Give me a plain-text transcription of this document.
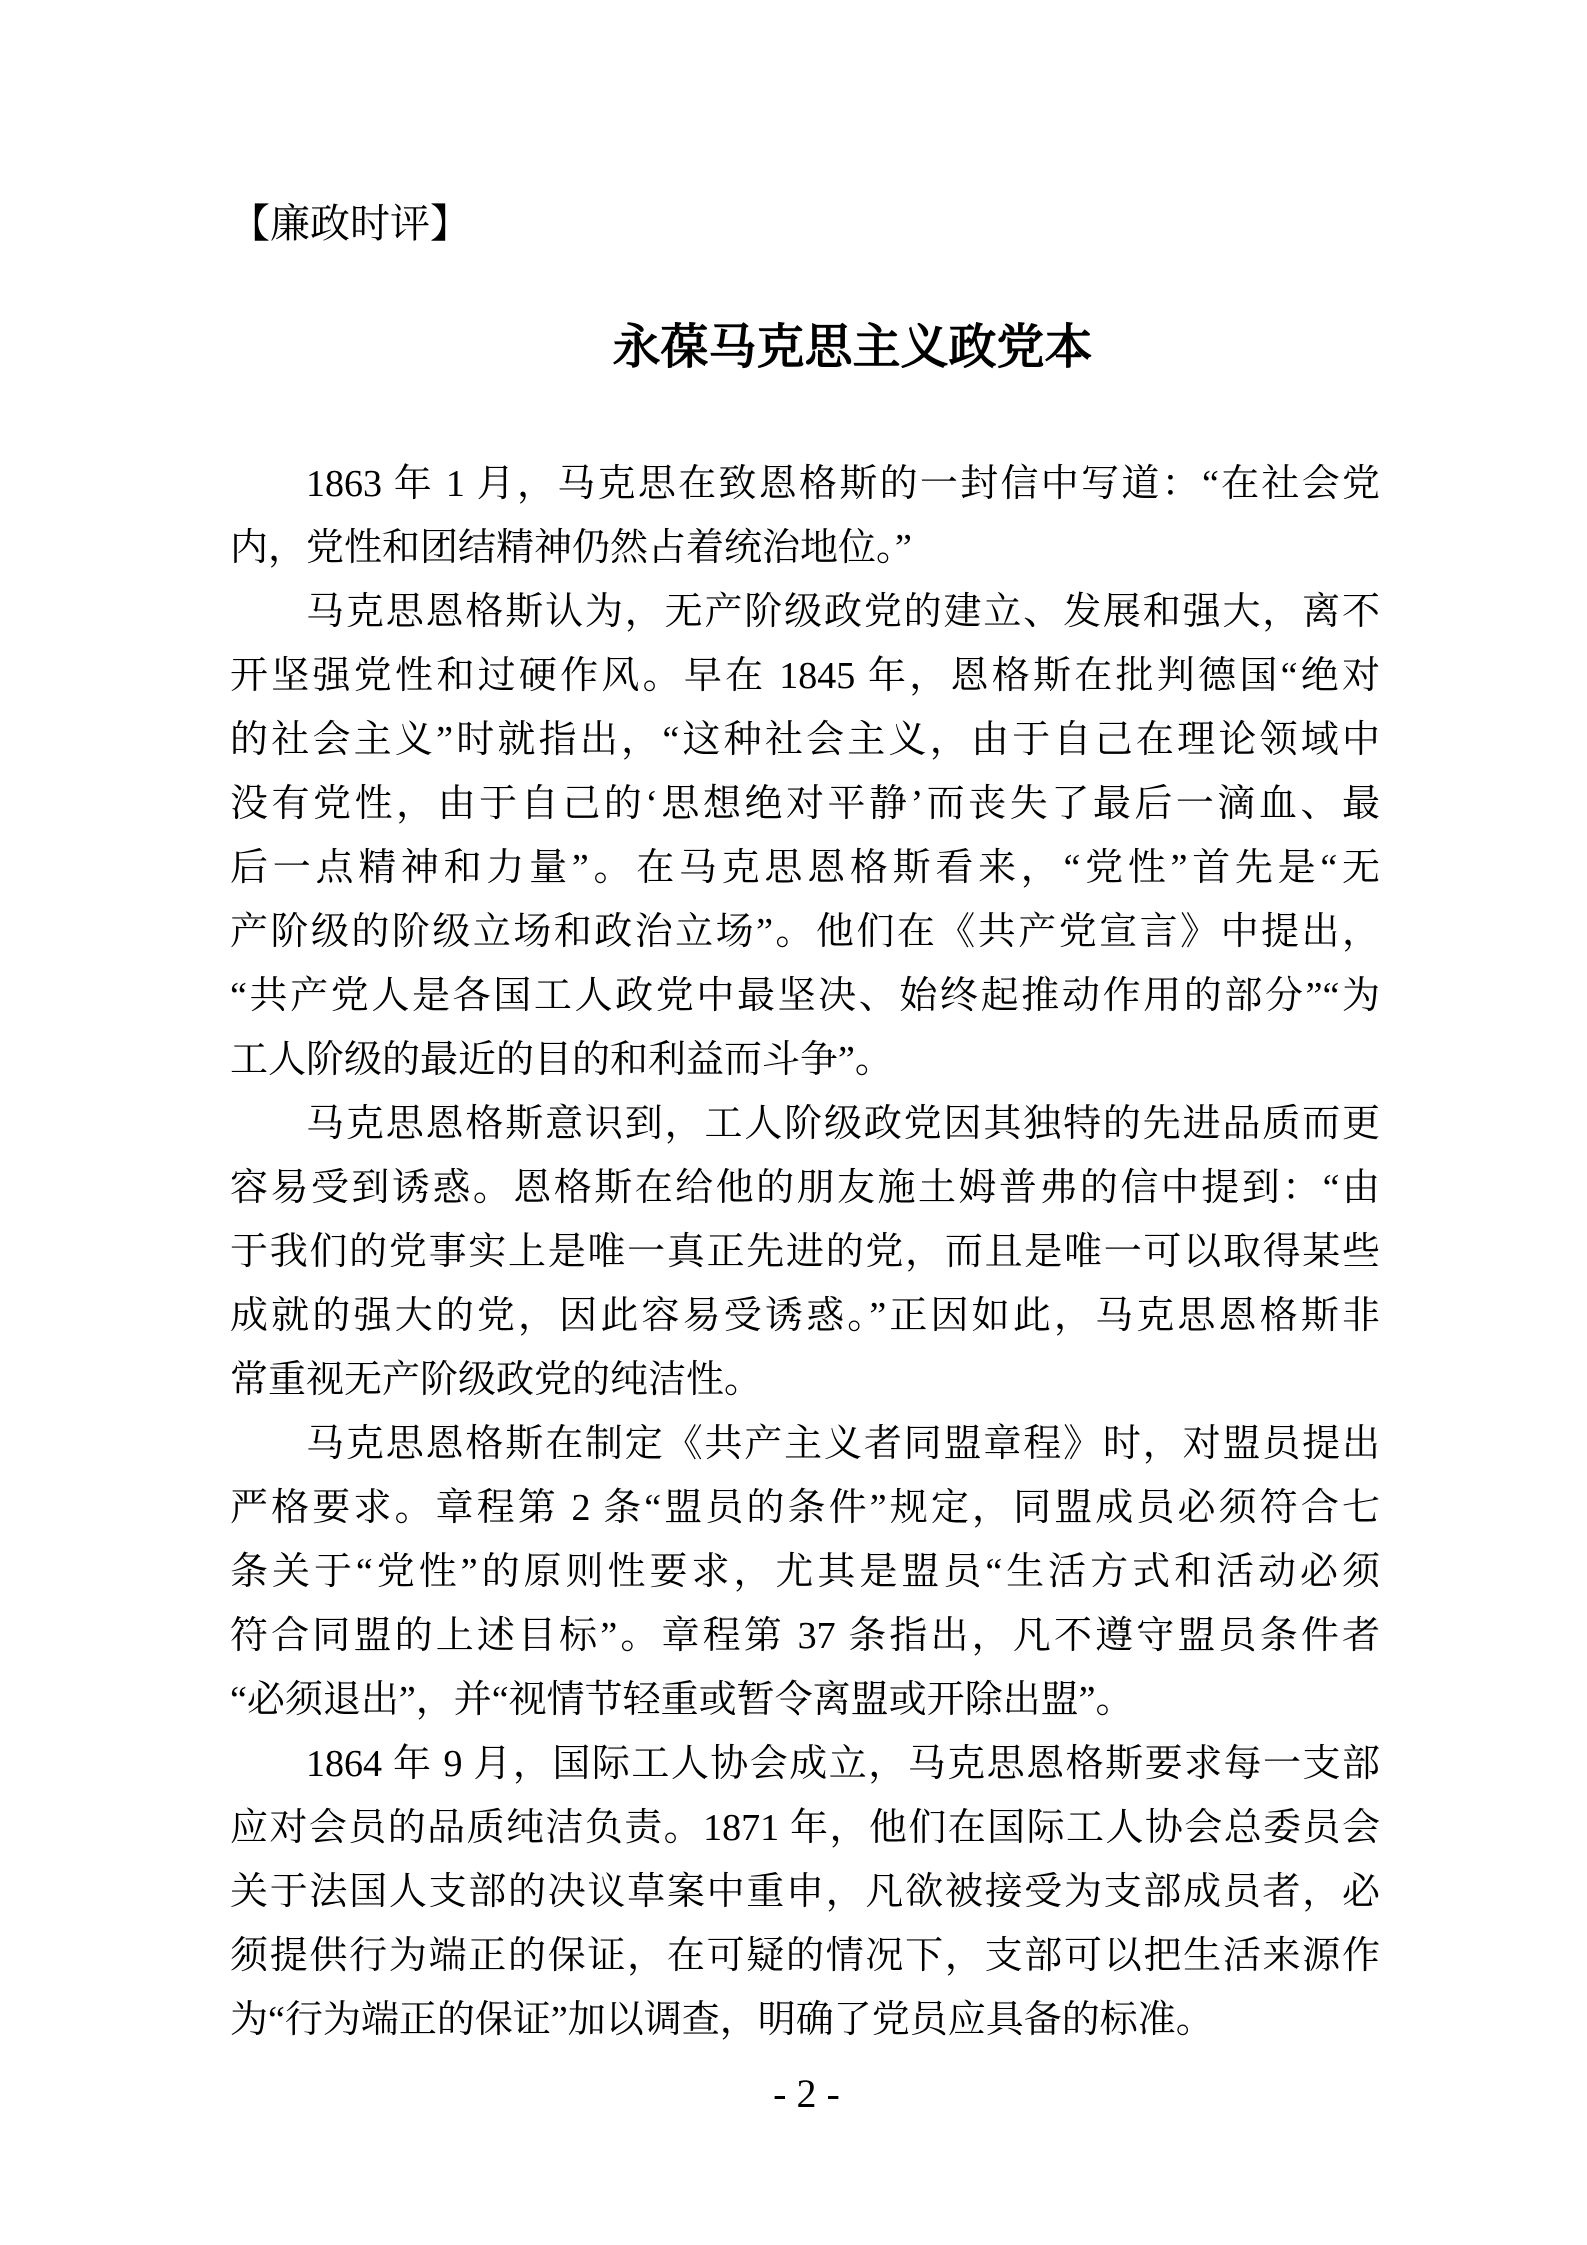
【廉政时评】
永葆马克思主义政党本
1863 年 1 月，马克思在致恩格斯的一封信中写道：“在社会党
内，党性和团结精神仍然占着统治地位。”
马克思恩格斯认为，无产阶级政党的建立、发展和强大，离不
开坚强党性和过硬作风。早在 1845 年，恩格斯在批判德国“绝对
的社会主义”时就指出，“这种社会主义，由于自己在理论领域中
没有党性，由于自己的‘思想绝对平静’而丧失了最后一滴血、最
后一点精神和力量”。在马克思恩格斯看来，“党性”首先是“无
产阶级的阶级立场和政治立场”。他们在《共产党宣言》中提出，
“共产党人是各国工人政党中最坚决、始终起推动作用的部分”“为
工人阶级的最近的目的和利益而斗争”。
马克思恩格斯意识到，工人阶级政党因其独特的先进品质而更
容易受到诱惑。恩格斯在给他的朋友施土姆普弗的信中提到：“由
于我们的党事实上是唯一真正先进的党，而且是唯一可以取得某些
成就的强大的党，因此容易受诱惑。”正因如此，马克思恩格斯非
常重视无产阶级政党的纯洁性。
马克思恩格斯在制定《共产主义者同盟章程》时，对盟员提出
严格要求。章程第 2 条“盟员的条件”规定，同盟成员必须符合七
条关于“党性”的原则性要求，尤其是盟员“生活方式和活动必须
符合同盟的上述目标”。章程第 37 条指出，凡不遵守盟员条件者
“必须退出”，并“视情节轻重或暂令离盟或开除出盟”。
1864 年 9 月，国际工人协会成立，马克思恩格斯要求每一支部
应对会员的品质纯洁负责。1871 年，他们在国际工人协会总委员会
关于法国人支部的决议草案中重申，凡欲被接受为支部成员者，必
须提供行为端正的保证，在可疑的情况下，支部可以把生活来源作
为“行为端正的保证”加以调查，明确了党员应具备的标准。
- 2 -
